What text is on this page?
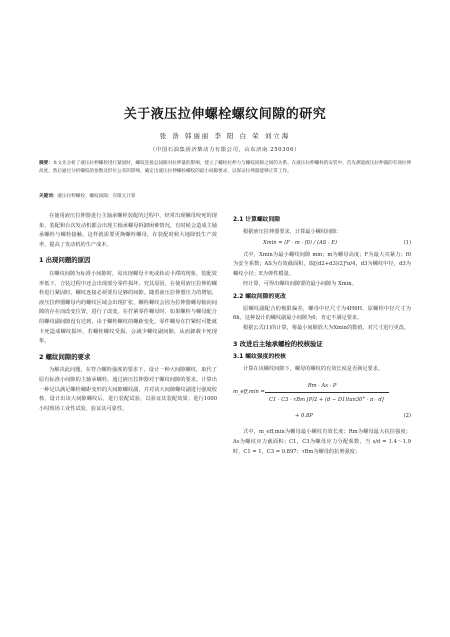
关于液压拉伸螺栓螺纹间隙的研究
张 浩 韩丽丽 李 阳 白 荣 刘立海
（中国石油集团济柴动力有限公司，山东济南 250306）
摘要：本文先分析了液压拉伸螺栓进行紧固时，螺纹连接总间隙对拉伸量的影响，建立了螺栓拉伸力与螺纹间隙之间的关系。在液压拉伸螺栓的安装中，首先测量液压拉伸器的有效拉伸高度，然后通过分析螺纹的参数及形位公差的影响，确定出液压拉伸螺栓螺纹的最小间隙要求，以保证拉伸器能够正常工作。
关键词：液压拉伸螺栓；螺纹间隙；有限元计算

在使用液压拉伸器进行主轴承螺栓装配的过程中，经常出现螺母咬死的现象，装配和台次发动机都会出现主轴承螺母拆卸困难情况，有时候会造成主轴承螺栓与螺栓接触，这样就需要更换螺栓螺母，在装配时候大地降低生产效率，提高了发动机的生产成本。

1 出现问题的原因

在螺纹间隙为标准小间隙时，易出现螺母卡死或转动卡滞的现象，装配效率低下，合装过程中还会出现部分零件损坏。究其原因，在使用液压拉伸的螺栓进行紧固时，螺纹连接必须要有足够的间隙。随着液压拉伸器压力的增加，液压拉伸器螺母内的螺纹区域会出现扩张，螺栓螺纹会因为拉伸器螺母轴向间隙的存在而改变位置，进行了改变。在拧紧零件螺母时，如果螺栓与螺母配合的螺纹副间隙没有达到，由于螺栓螺纹的螺距变化，零件螺母在拧紧时可能就卡死造成螺纹损坏，若螺栓螺纹受损，会减少螺纹副间隙，从而卸载卡死现象。

2 螺纹间隙的要求

为解决此问题，在符合螺栓强度的要求下，设计一种大间隙螺纹，取代了原有标准小间隙的主轴承螺栓。通过液压拉伸器对于螺纹间隙的要求，计算出一种足以满足螺栓螺距变形的大间隙螺纹副，并对该大间隙螺纹副进行强度校核，设计出该大间隙螺纹后，进行装配试验，以验证其装配效果；进行1000小时现场工业性试验，验证其可靠性。

2.1 计算螺纹间隙

根据液压拉伸器要求，计算最小螺纹间隙：

Xmin = (F · m · f0) / (AS · E)	(1)

式中，Xmin为最小螺纹间隙 mm；m为螺母高度；F为最大夹紧力；f0为安全系数；AS为有效截面积，取[(d2+d3)/2]²π/4，d3为螺纹中径，d3为螺纹小径；E为弹性模量。

经计算，可得出螺纹间隙要的最小间隙为 Xmin。

2.2 螺纹间隙的更改

原螺纹副配合的极限偏差，螺母中径尺寸为4H6H，原螺栓中径尺寸为6h。这种设计的螺纹副最小间隙为0，肯定不满足要求。

根据公式(1)的计算，将最小间隙放大为Xmin的数值，对尺寸进行更改。

3 改进后主轴承螺栓的校核验证
3.1 螺纹强度的校核

计算在该螺纹间隙下，螺母的螺纹的有效长度是否满足要求。

m_eff,min =
Rm · As · P
C1 · C3 · τBm [P/2 + (d − D1)tan30° · π · d]
+ 0.8P	(2)

式中，m_eff,min为螺母最小螺纹有效长度；Rm为螺母最大抗拉强度；As为螺纹应力截面积；C1，C3为螺母应力分配系数，当 s/d = 1.4～1.9时，C1 = 1，C3 = 0.897；τBm为螺母的抗剪强度；
